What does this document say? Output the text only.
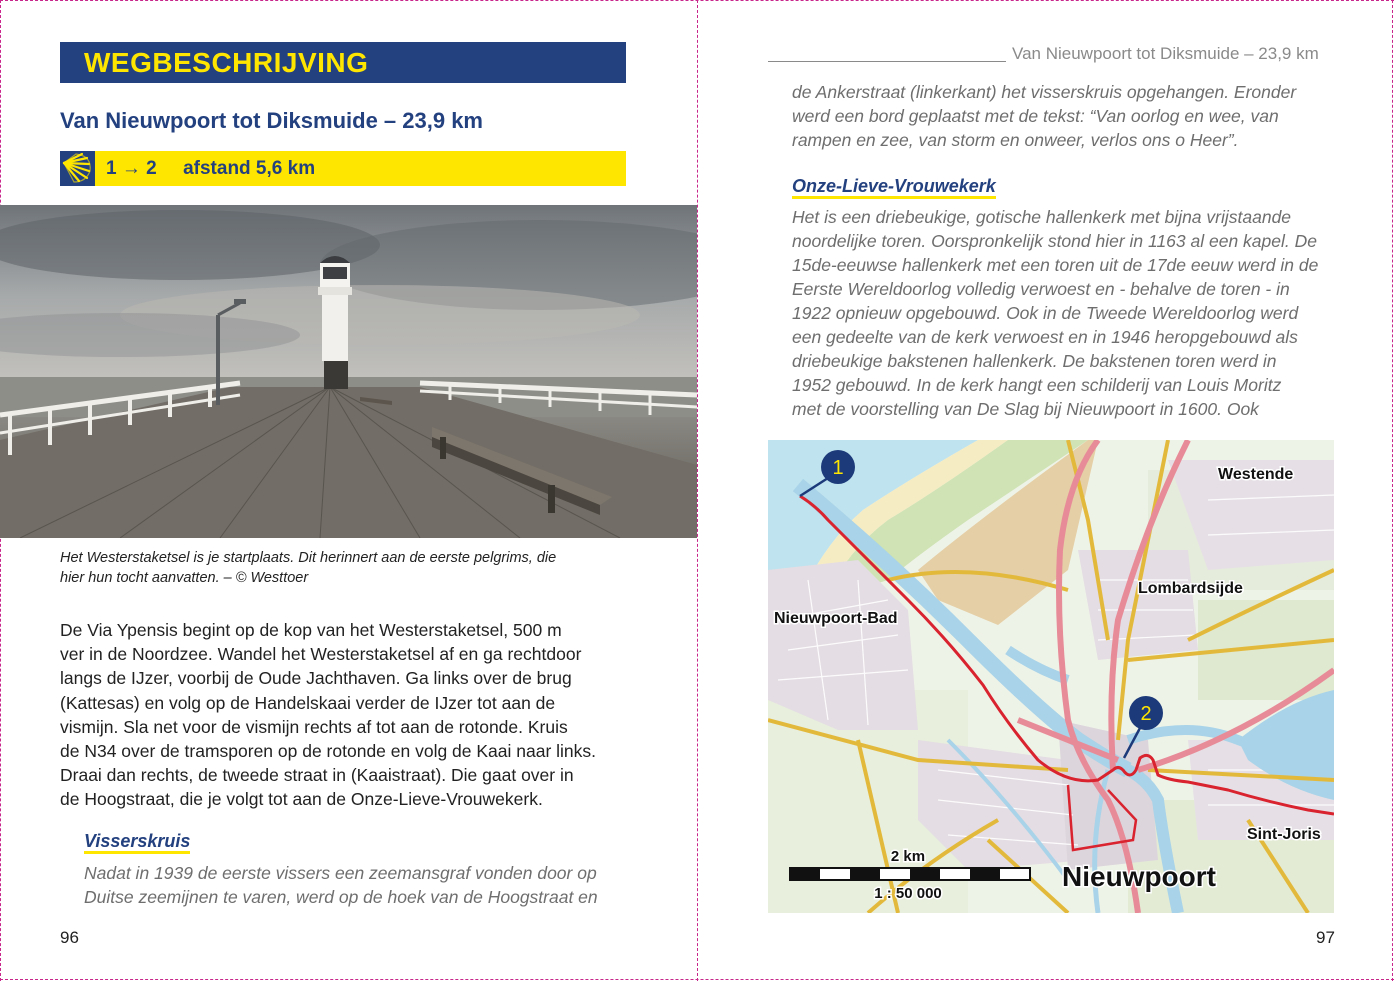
WEGBESCHRIJVING
Van Nieuwpoort tot Diksmuide – 23,9 km
1 → 2     afstand 5,6 km
Het Westerstaketsel is je startplaats. Dit herinnert aan de eerste pelgrims, die
hier hun tocht aanvatten. – © Westtoer
De Via Ypensis begint op de kop van het Westerstaketsel, 500 m
ver in de Noordzee. Wandel het Westerstaketsel af en ga rechtdoor
langs de IJzer, voorbij de Oude Jachthaven. Ga links over de brug
(Kattesas) en volg op de Handelskaai verder de IJzer tot aan de
vismijn. Sla net voor de vismijn rechts af tot aan de rotonde. Kruis
de N34 over de tramsporen op de rotonde en volg de Kaai naar links.
Draai dan rechts, de tweede straat in (Kaaistraat). Die gaat over in
de Hoogstraat, die je volgt tot aan de Onze-Lieve-Vrouwekerk.
Visserskruis
Nadat in 1939 de eerste vissers een zeemansgraf vonden door op
Duitse zeemijnen te varen, werd op de hoek van de Hoogstraat en
96
Van Nieuwpoort tot Diksmuide – 23,9 km
de Ankerstraat (linkerkant) het visserskruis opgehangen. Eronder
werd een bord geplaatst met de tekst: “Van oorlog en wee, van
rampen en zee, van storm en onweer, verlos ons o Heer”.
Onze-Lieve-Vrouwekerk
Het is een driebeukige, gotische hallenkerk met bijna vrijstaande
noordelijke toren. Oorspronkelijk stond hier in 1163 al een kapel. De
15de-eeuwse hallenkerk met een toren uit de 17de eeuw werd in de
Eerste Wereldoorlog volledig verwoest en - behalve de toren - in
1922 opnieuw opgebouwd. Ook in de Tweede Wereldoorlog werd
een gedeelte van de kerk verwoest en in 1946 heropgebouwd als
driebeukige bakstenen hallenkerk. De bakstenen toren werd in
1952 gebouwd. In de kerk hangt een schilderij van Louis Moritz
met de voorstelling van De Slag bij Nieuwpoort in 1600. Ook
1
2
Westende
Lombardsijde
Nieuwpoort-Bad
Sint-Joris
Nieuwpoort
2 km
1 : 50 000
97
